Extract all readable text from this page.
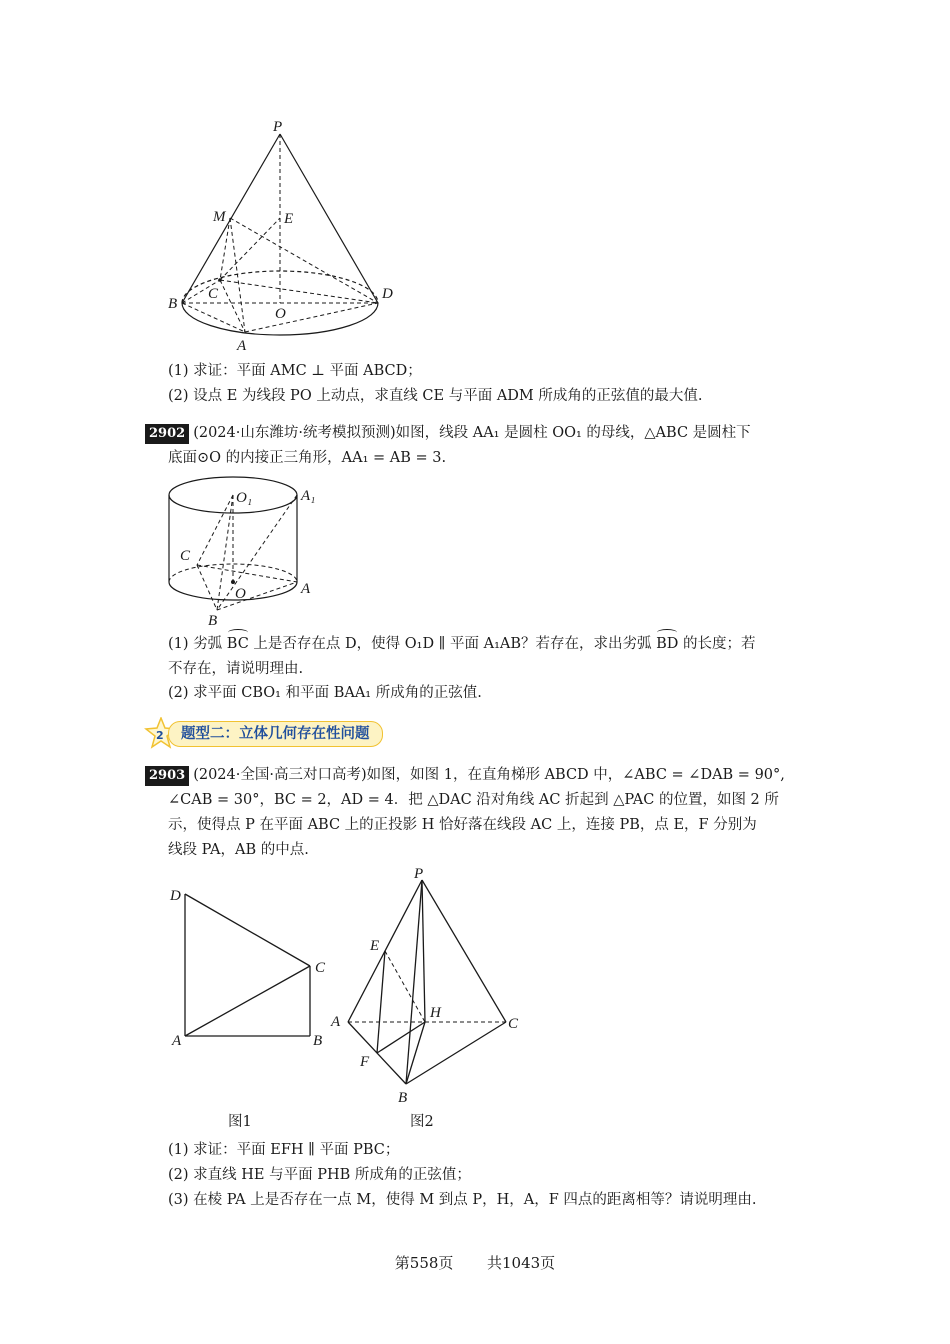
P
M	E
C
B
D
O
A
(1) 求证：平面 AMC ⊥ 平面 ABCD；
(2) 设点 E 为线段 PO 上动点，求直线 CE 与平面 ADM 所成角的正弦值的最大值.
2902 (2024·山东潍坊·统考模拟预测)如图，线段 AA₁ 是圆柱 OO₁ 的母线，△ABC 是圆柱下
底面⊙O 的内接正三角形，AA₁ = AB = 3.
O₁	A₁
C
O	A
B
(1) 劣弧 BC 上是否存在点 D，使得 O₁D ∥ 平面 A₁AB？若存在，求出劣弧 BD 的长度；若
不存在，请说明理由.
(2) 求平面 CBO₁ 和平面 BAA₁ 所成角的正弦值.
2	题型二：立体几何存在性问题
2903 (2024·全国·高三对口高考)如图，如图 1，在直角梯形 ABCD 中，∠ABC = ∠DAB = 90°,
∠CAB = 30°，BC = 2，AD = 4．把 △DAC 沿对角线 AC 折起到 △PAC 的位置，如图 2 所
示，使得点 P 在平面 ABC 上的正投影 H 恰好落在线段 AC 上，连接 PB，点 E，F 分别为
线段 PA，AB 的中点.
D
C
A	B
P
E
A
H
C
F
B
图1	图2
(1) 求证：平面 EFH ∥ 平面 PBC；
(2) 求直线 HE 与平面 PHB 所成角的正弦值；
(3) 在棱 PA 上是否存在一点 M，使得 M 到点 P，H，A，F 四点的距离相等？请说明理由.
第558页 共1043页
